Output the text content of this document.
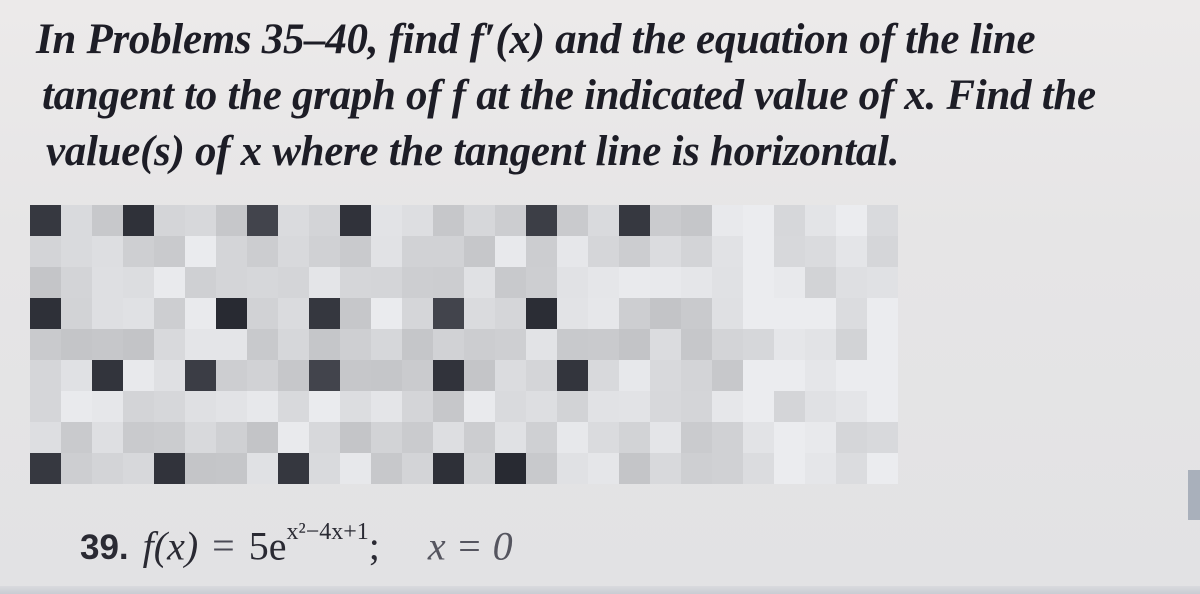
In Problems 35–40, find f′(x) and the equation of the line
tangent to the graph of f at the indicated value of x. Find the
value(s) of x where the tangent line is horizontal.
39. $f(x) = 5e^{x^2-4x+1}$; x = 0
